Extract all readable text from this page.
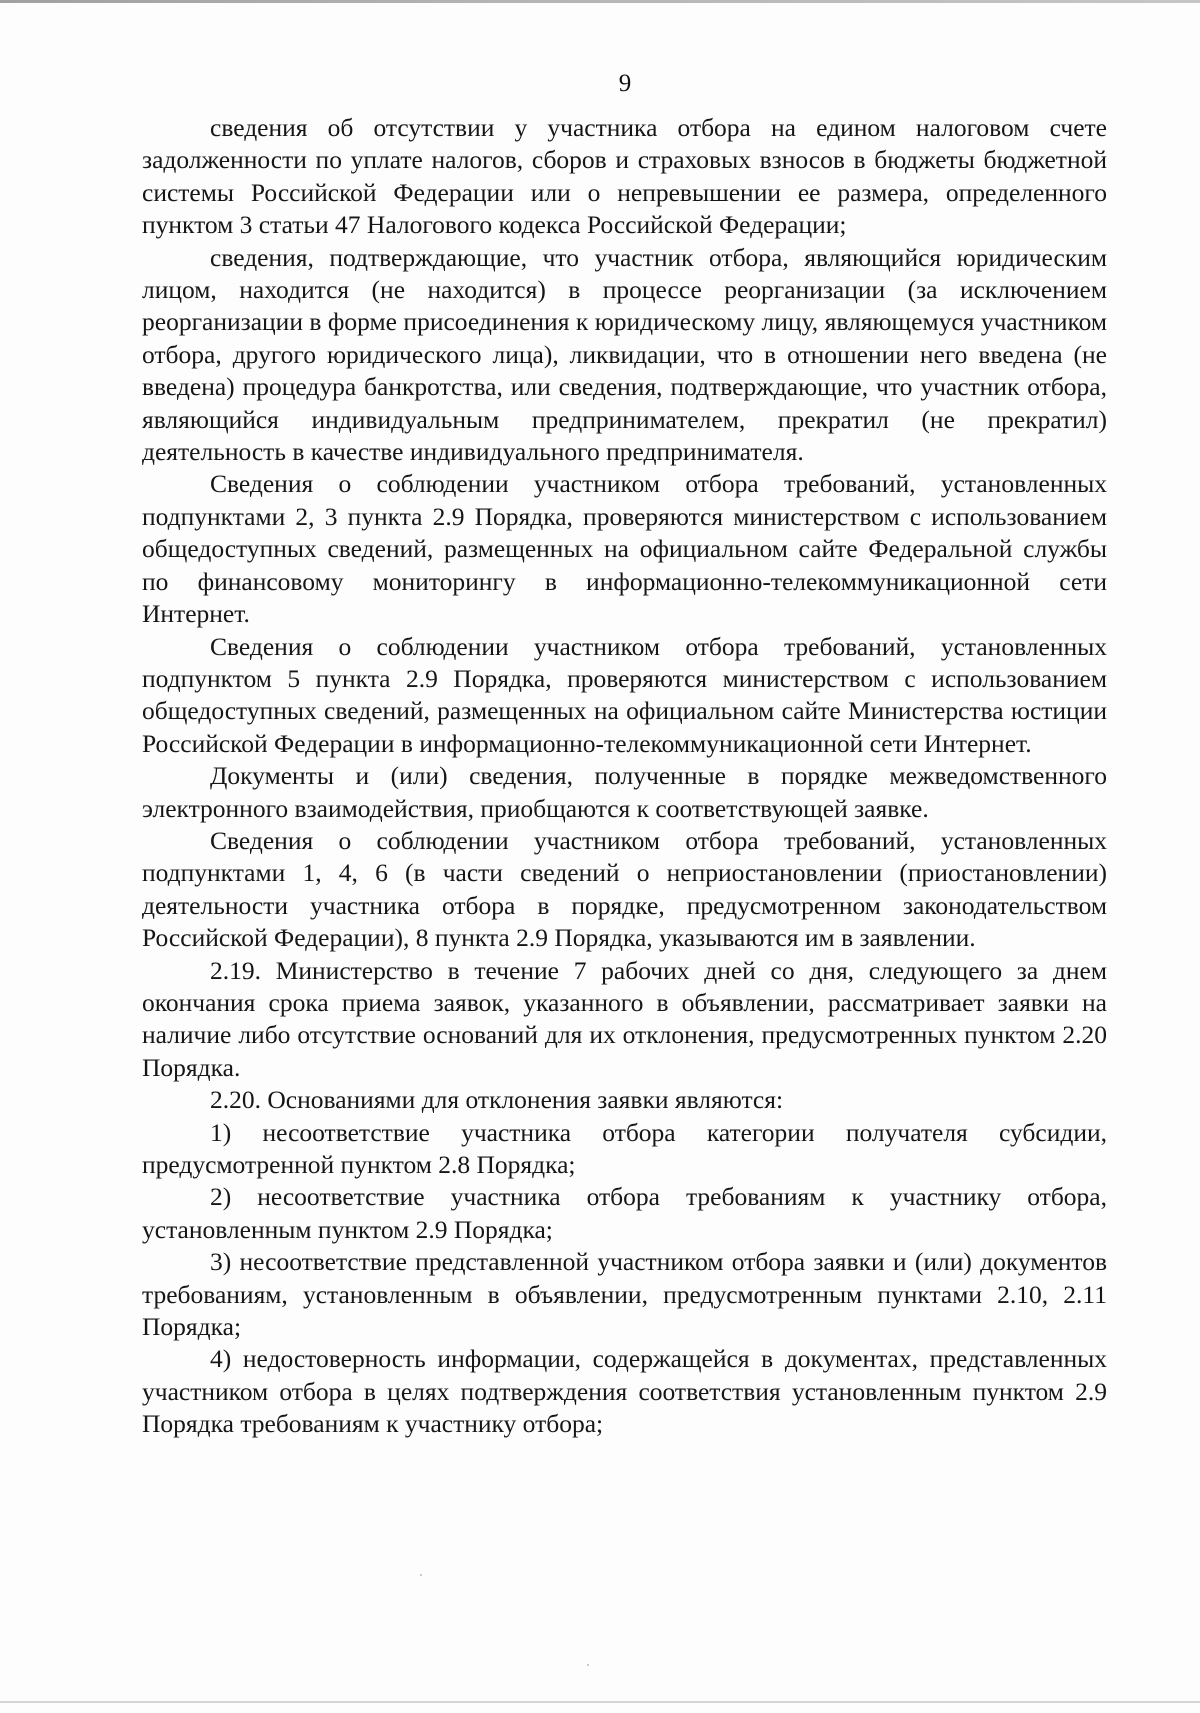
9

сведения об отсутствии у участника отбора на едином налоговом счете задолженности по уплате налогов, сборов и страховых взносов в бюджеты бюджетной системы Российской Федерации или о непревышении ее размера, определенного пунктом 3 статьи 47 Налогового кодекса Российской Федерации;

сведения, подтверждающие, что участник отбора, являющийся юридическим лицом, находится (не находится) в процессе реорганизации (за исключением реорганизации в форме присоединения к юридическому лицу, являющемуся участником отбора, другого юридического лица), ликвидации, что в отношении него введена (не введена) процедура банкротства, или сведения, подтверждающие, что участник отбора, являющийся индивидуальным предпринимателем, прекратил (не прекратил) деятельность в качестве индивидуального предпринимателя.

Сведения о соблюдении участником отбора требований, установленных подпунктами 2, 3 пункта 2.9 Порядка, проверяются министерством с использованием общедоступных сведений, размещенных на официальном сайте Федеральной службы по финансовому мониторингу в информационно-телекоммуникационной сети Интернет.

Сведения о соблюдении участником отбора требований, установленных подпунктом 5 пункта 2.9 Порядка, проверяются министерством с использованием общедоступных сведений, размещенных на официальном сайте Министерства юстиции Российской Федерации в информационно-телекоммуникационной сети Интернет.

Документы и (или) сведения, полученные в порядке межведомственного электронного взаимодействия, приобщаются к соответствующей заявке.

Сведения о соблюдении участником отбора требований, установленных подпунктами 1, 4, 6 (в части сведений о неприостановлении (приостановлении) деятельности участника отбора в порядке, предусмотренном законодательством Российской Федерации), 8 пункта 2.9 Порядка, указываются им в заявлении.

2.19. Министерство в течение 7 рабочих дней со дня, следующего за днем окончания срока приема заявок, указанного в объявлении, рассматривает заявки на наличие либо отсутствие оснований для их отклонения, предусмотренных пунктом 2.20 Порядка.

2.20. Основаниями для отклонения заявки являются:

1) несоответствие участника отбора категории получателя субсидии, предусмотренной пунктом 2.8 Порядка;

2) несоответствие участника отбора требованиям к участнику отбора, установленным пунктом 2.9 Порядка;

3) несоответствие представленной участником отбора заявки и (или) документов требованиям, установленным в объявлении, предусмотренным пунктами 2.10, 2.11 Порядка;

4) недостоверность информации, содержащейся в документах, представленных участником отбора в целях подтверждения соответствия установленным пунктом 2.9 Порядка требованиям к участнику отбора;
